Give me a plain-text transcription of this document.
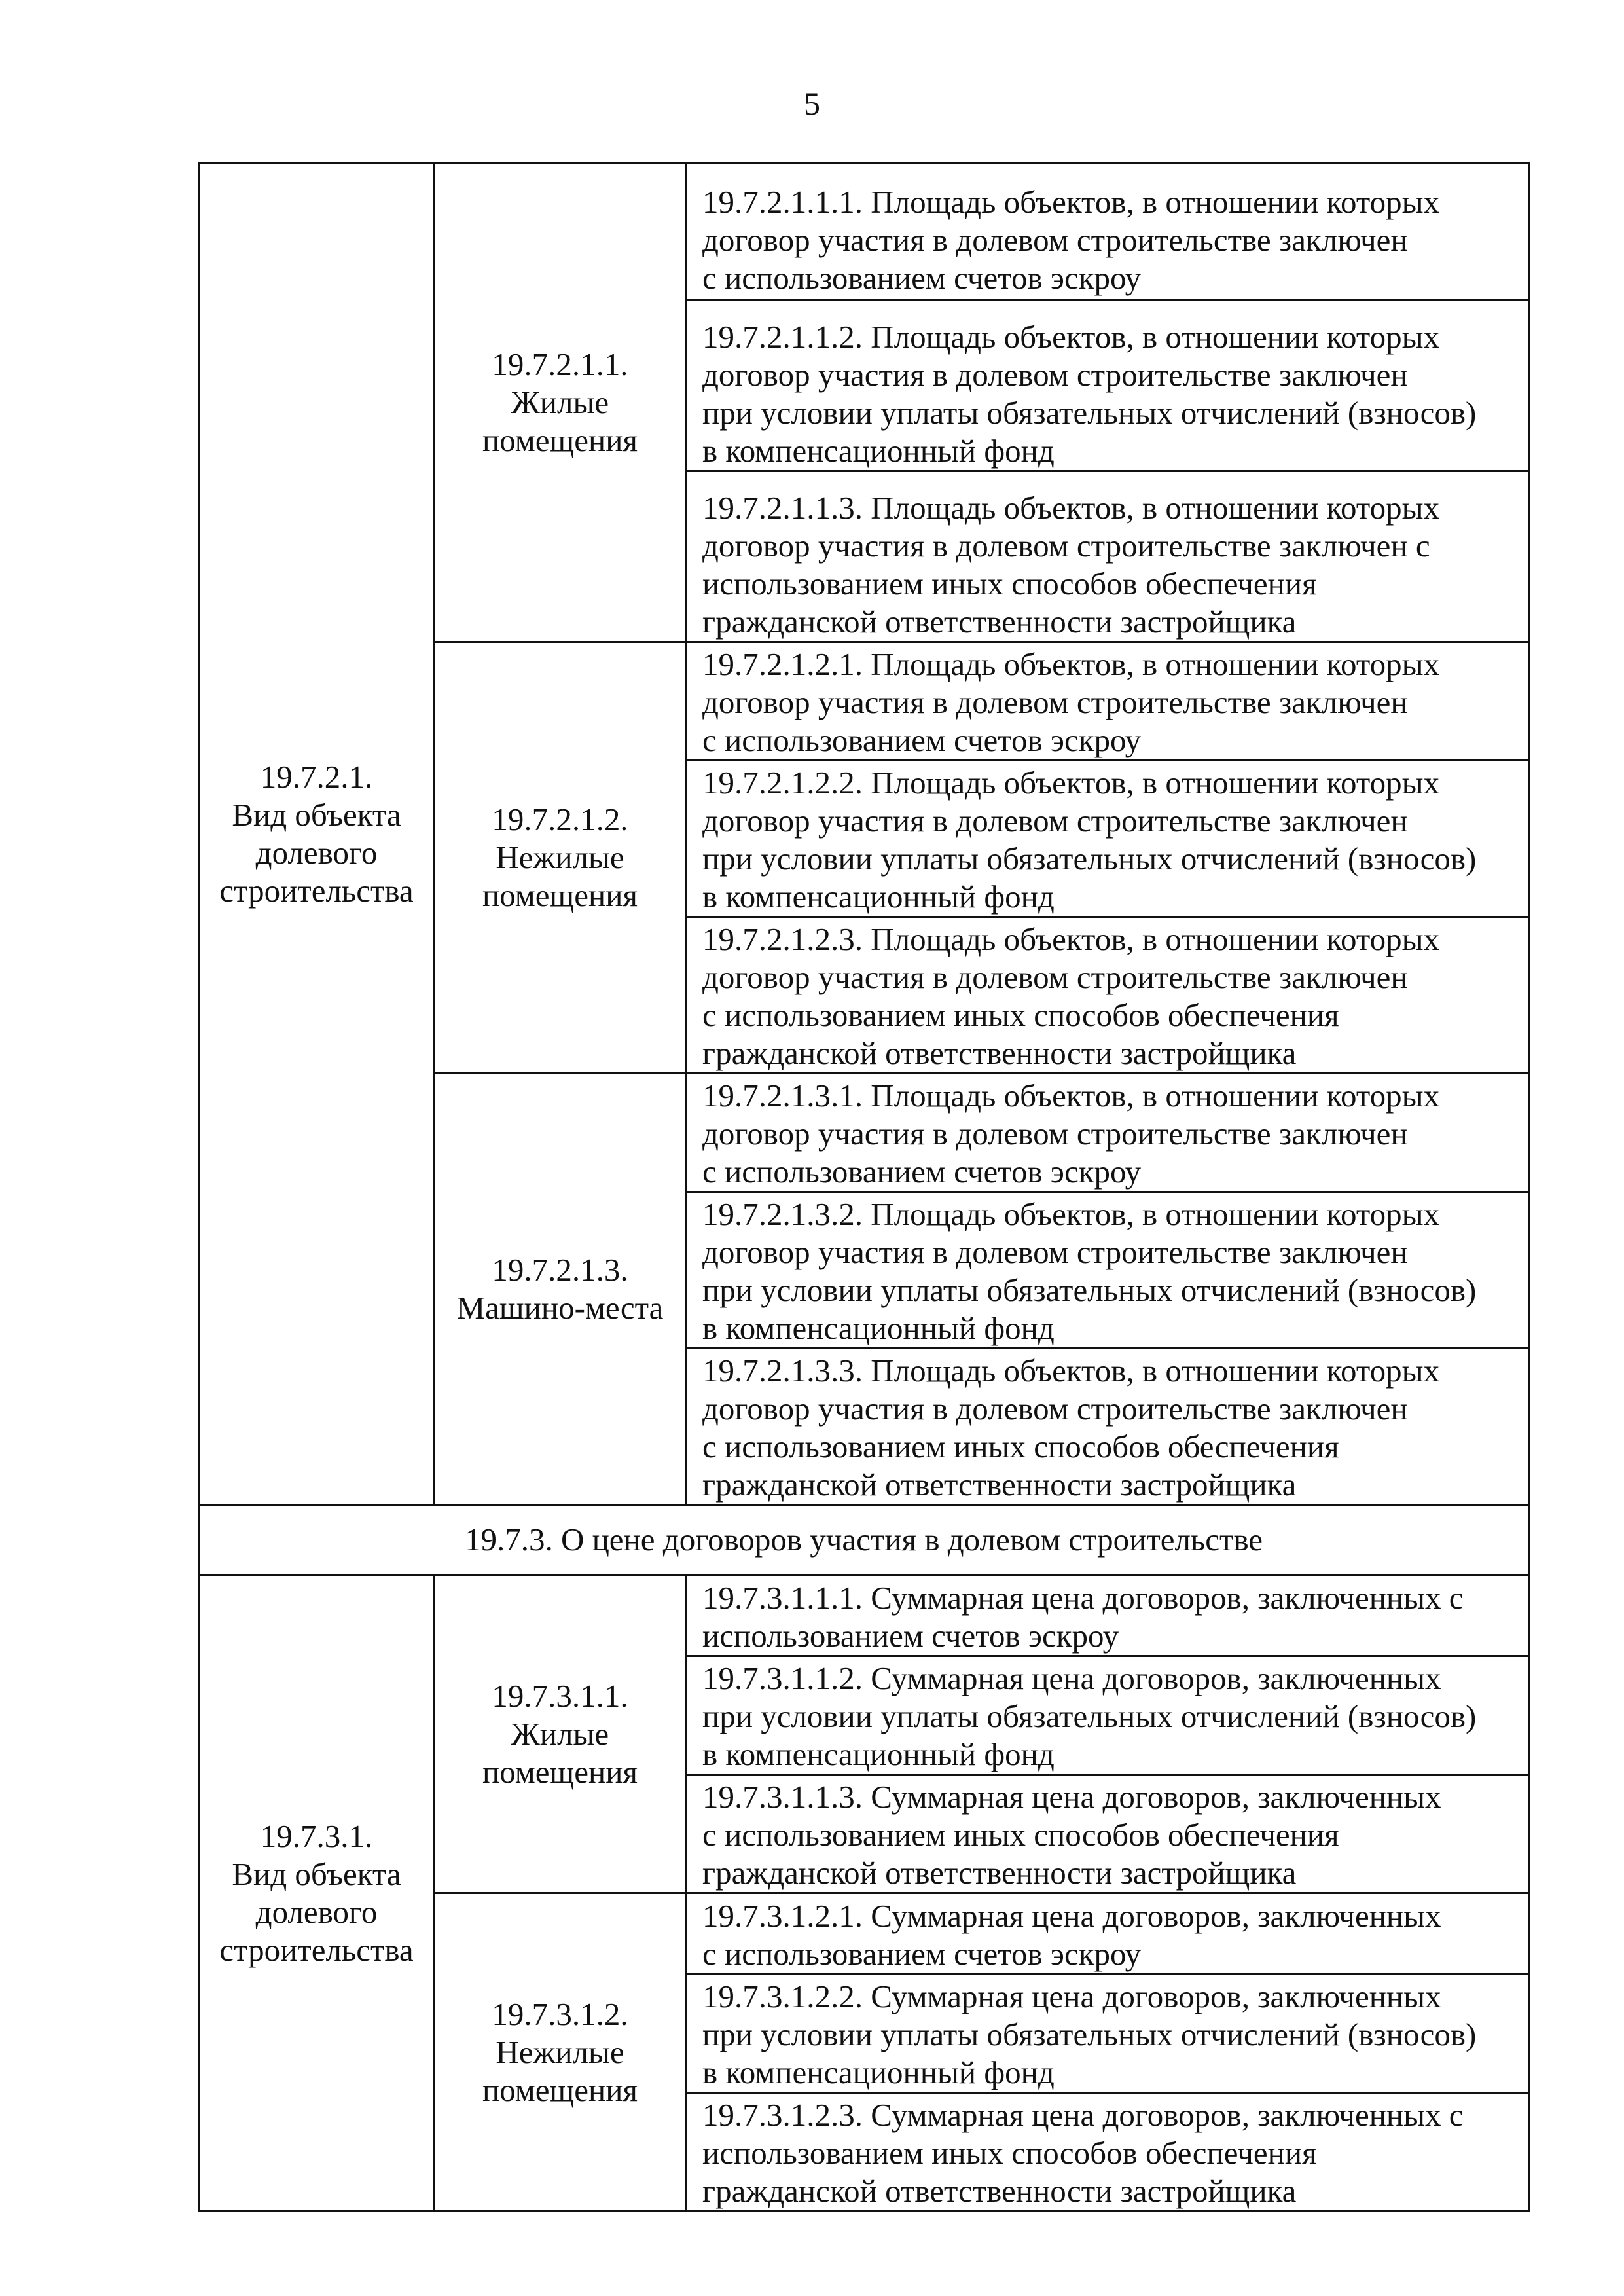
5
19.7.2.1.
Вид объекта
долевого
строительства	19.7.2.1.1.
Жилые
помещения	19.7.2.1.1.1. Площадь объектов, в отношении которых
договор участия в долевом строительстве заключен
с использованием счетов эскроу

		19.7.2.1.1.2. Площадь объектов, в отношении которых
договор участия в долевом строительстве заключен
при условии уплаты обязательных отчислений (взносов)
в компенсационный фонд

		19.7.2.1.1.3. Площадь объектов, в отношении которых
договор участия в долевом строительстве заключен с
использованием иных способов обеспечения
гражданской ответственности застройщика

	19.7.2.1.2.
Нежилые
помещения	19.7.2.1.2.1. Площадь объектов, в отношении которых
договор участия в долевом строительстве заключен
с использованием счетов эскроу

		19.7.2.1.2.2. Площадь объектов, в отношении которых
договор участия в долевом строительстве заключен
при условии уплаты обязательных отчислений (взносов)
в компенсационный фонд

		19.7.2.1.2.3. Площадь объектов, в отношении которых
договор участия в долевом строительстве заключен
с использованием иных способов обеспечения
гражданской ответственности застройщика

	19.7.2.1.3.
Машино-места	19.7.2.1.3.1. Площадь объектов, в отношении которых
договор участия в долевом строительстве заключен
с использованием счетов эскроу

		19.7.2.1.3.2. Площадь объектов, в отношении которых
договор участия в долевом строительстве заключен
при условии уплаты обязательных отчислений (взносов)
в компенсационный фонд

		19.7.2.1.3.3. Площадь объектов, в отношении которых
договор участия в долевом строительстве заключен
с использованием иных способов обеспечения
гражданской ответственности застройщика

19.7.3. О цене договоров участия в долевом строительстве		

19.7.3.1.
Вид объекта
долевого
строительства	19.7.3.1.1.
Жилые
помещения	19.7.3.1.1.1. Суммарная цена договоров, заключенных с
использованием счетов эскроу

		19.7.3.1.1.2. Суммарная цена договоров, заключенных
при условии уплаты обязательных отчислений (взносов)
в компенсационный фонд

		19.7.3.1.1.3. Суммарная цена договоров, заключенных
с использованием иных способов обеспечения
гражданской ответственности застройщика

	19.7.3.1.2.
Нежилые
помещения	19.7.3.1.2.1. Суммарная цена договоров, заключенных
с использованием счетов эскроу

		19.7.3.1.2.2. Суммарная цена договоров, заключенных
при условии уплаты обязательных отчислений (взносов)
в компенсационный фонд

		19.7.3.1.2.3. Суммарная цена договоров, заключенных с
использованием иных способов обеспечения
гражданской ответственности застройщика
